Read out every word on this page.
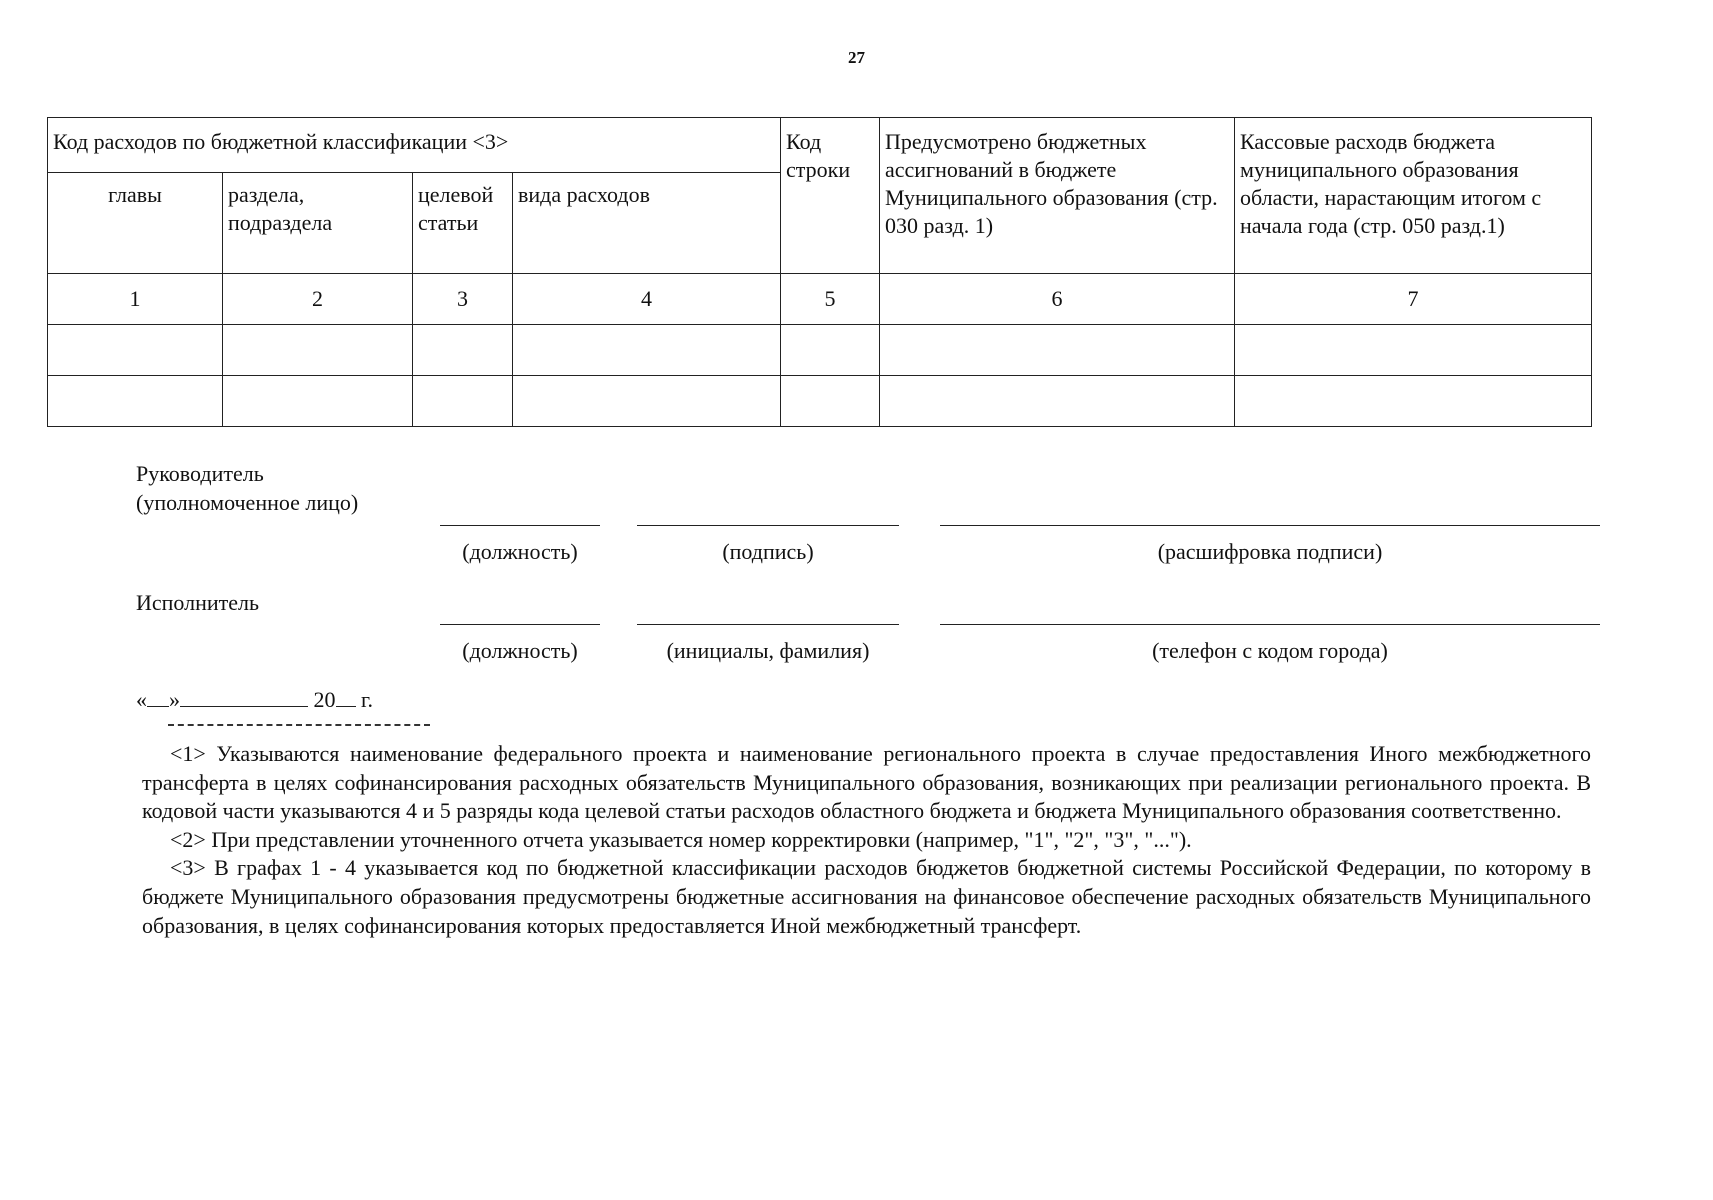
27
Код расходов по бюджетной классификации <3>				Код строки	Предусмотрено бюджетных ассигнований в бюджете Муниципального образования (стр. 030 разд. 1)	Кассовые расходв бюджета муниципального образования области, нарастающим итогом с начала года (стр. 050 разд.1)
главы	раздела, подраздела	целевой статьи	вида расходов			
1	2	3	4	5	6	7

Руководитель
(уполномоченное лицо)
(должность)	(подпись)	(расшифровка подписи)
Исполнитель
(должность)	(инициалы, фамилия)	(телефон с кодом города)
« »	20 г.

<1> Указываются наименование федерального проекта и наименование регионального проекта в случае предоставления Иного межбюджетного трансферта в целях софинансирования расходных обязательств Муниципального образования, возникающих при реализации регионального проекта. В кодовой части указываются 4 и 5 разряды кода целевой статьи расходов областного бюджета и бюджета Муниципального образования соответственно.

<2> При представлении уточненного отчета указывается номер корректировки (например, "1", "2", "3", "...").

<3> В графах 1 - 4 указывается код по бюджетной классификации расходов бюджетов бюджетной системы Российской Федерации, по которому в бюджете Муниципального образования предусмотрены бюджетные ассигнования на финансовое обеспечение расходных обязательств Муниципального образования, в целях софинансирования которых предоставляется Иной межбюджетный трансферт.
